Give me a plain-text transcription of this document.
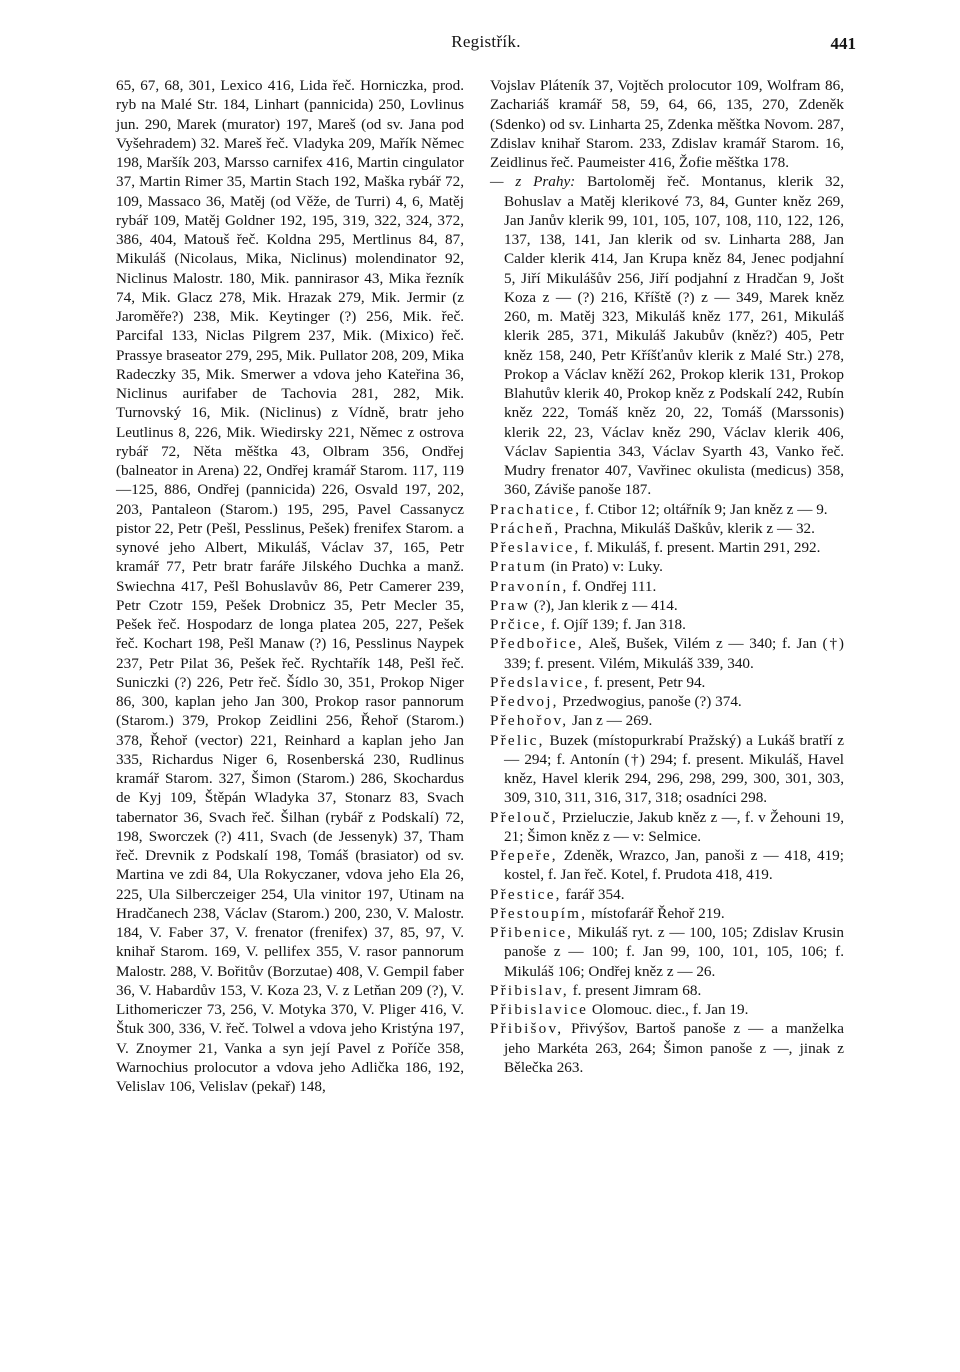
Registřík.	441

65, 67, 68, 301, Lexico 416, Lida řeč. Horniczka, prod. ryb na Malé Str. 184, Linhart (pannicida) 250, Lovlinus jun. 290, Marek (murator) 197, Mareš (od sv. Jana pod Vyšehradem) 32. Mareš řeč. Vladyka 209, Mařík Němec 198, Maršík 203, Marsso carnifex 416, Martin cingulator 37, Martin Rimer 35, Martin Stach 192, Maška rybář 72, 109, Massaco 36, Matěj (od Věže, de Turri) 4, 6, Matěj rybář 109, Matěj Goldner 192, 195, 319, 322, 324, 372, 386, 404, Matouš řeč. Koldna 295, Mertlinus 84, 87, Mikuláš (Nicolaus, Mika, Niclinus) molendinator 92, Niclinus Malostr. 180, Mik. pannirasor 43, Mika řezník 74, Mik. Glacz 278, Mik. Hrazak 279, Mik. Jermir (z Jaroměře?) 238, Mik. Keytinger (?) 256, Mik. řeč. Parcifal 133, Niclas Pilgrem 237, Mik. (Mixico) řeč. Prassye braseator 279, 295, Mik. Pullator 208, 209, Mika Radeczky 35, Mik. Smerwer a vdova jeho Kateřina 36, Niclinus aurifaber de Tachovia 281, 282, Mik. Turnovský 16, Mik. (Niclinus) z Vídně, bratr jeho Leutlinus 8, 226, Mik. Wiedirsky 221, Němec z ostrova rybář 72, Něta měštka 43, Olbram 356, Ondřej (balneator in Arena) 22, Ondřej kramář Starom. 117, 119—125, 886, Ondřej (pannicida) 226, Osvald 197, 202, 203, Pantaleon (Starom.) 195, 295, Pavel Cassanycz pistor 22, Petr (Pešl, Pesslinus, Pešek) frenifex Starom. a synové jeho Albert, Mikuláš, Václav 37, 165, Petr kramář 77, Petr bratr faráře Jilského Duchka a manž. Swiechna 417, Pešl Bohuslavův 86, Petr Camerer 239, Petr Czotr 159, Pešek Drobnicz 35, Petr Mecler 35, Pešek řeč. Hospodarz de longa platea 205, 227, Pešek řeč. Kochart 198, Pešl Manaw (?) 16, Pesslinus Naypek 237, Petr Pilat 36, Pešek řeč. Rychtařík 148, Pešl řeč. Suniczki (?) 226, Petr řeč. Šídlo 30, 351, Prokop Niger 86, 300, kaplan jeho Jan 300, Prokop rasor pannorum (Starom.) 379, Prokop Zeidlini 256, Řehoř (Starom.) 378, Řehoř (vector) 221, Reinhard a kaplan jeho Jan 335, Richardus Niger 6, Rosenberská 230, Rudlinus kramář Starom. 327, Šimon (Starom.) 286, Skochardus de Kyj 109, Štěpán Wladyka 37, Stonarz 83, Svach tabernator 36, Svach řeč. Šilhan (rybář z Podskalí) 72, 198, Sworczek (?) 411, Svach (de Jessenyk) 37, Tham řeč. Drevnik z Podskalí 198, Tomáš (brasiator) od sv. Martina ve zdi 84, Ula Rokyczaner, vdova jeho Ela 26, 225, Ula Silberczeiger 254, Ula vinitor 197, Utinam na Hradčanech 238, Václav (Starom.) 200, 230, V. Malostr. 184, V. Faber 37, V. frenator (frenifex) 37, 85, 97, V. knihař Starom. 169, V. pellifex 355, V. rasor pannorum Malostr. 288, V. Bořitův (Borzutae) 408, V. Gempil faber 36, V. Habardův 153, V. Koza 23, V. z Letňan 209 (?), V. Lithomericzer 73, 256, V. Motyka 370, V. Pliger 416, V. Štuk 300, 336, V. řeč. Tolwel a vdova jeho Kristýna 197, V. Znoymer 21, Vanka a syn její Pavel z Poříče 358, Warnochius prolocutor a vdova jeho Adlička 186, 192, Velislav 106, Velislav (pekař) 148,

Vojslav Pláteník 37, Vojtěch prolocutor 109, Wolfram 86, Zachariáš kramář 58, 59, 64, 66, 135, 270, Zdeněk (Sdenko) od sv. Linharta 25, Zdenka měštka Novom. 287, Zdislav knihař Starom. 233, Zdislav kramář Starom. 16, Zeidlinus řeč. Paumeister 416, Žofie měštka 178.

— z Prahy: Bartoloměj řeč. Montanus, klerik 32, Bohuslav a Matěj klerikové 73, 84, Gunter kněz 269, Jan Janův klerik 99, 101, 105, 107, 108, 110, 122, 126, 137, 138, 141, Jan klerik od sv. Linharta 288, Jan Calder klerik 414, Jan Krupa kněz 84, Jenec podjahní 5, Jiří Mikulášův 256, Jiří podjahní z Hradčan 9, Jošt Koza z — (?) 216, Kříště (?) z — 349, Marek kněz 260, m. Matěj 323, Mikuláš kněz 177, 261, Mikuláš klerik 285, 371, Mikuláš Jakubův (kněz?) 405, Petr kněz 158, 240, Petr Kříšťanův klerik z Malé Str.) 278, Prokop a Václav kněží 262, Prokop klerik 131, Prokop Blahutův klerik 40, Prokop kněz z Podskalí 242, Rubín kněz 222, Tomáš kněz 20, 22, Tomáš (Marssonis) klerik 22, 23, Václav kněz 290, Václav klerik 406, Václav Sapientia 343, Václav Syarth 43, Vanko řeč. Mudry frenator 407, Vavřinec okulista (medicus) 358, 360, Záviše panoše 187.

Prachatice, f. Ctibor 12; oltářník 9; Jan kněz z — 9.

Prácheň, Prachna, Mikuláš Daškův, klerik z — 32.

Přeslavice, f. Mikuláš, f. present. Martin 291, 292.

Pratum (in Prato) v: Luky.

Pravonín, f. Ondřej 111.

Praw (?), Jan klerik z — 414.

Prčice, f. Ojíř 139; f. Jan 318.

Předbořice, Aleš, Bušek, Vilém z — 340; f. Jan (†) 339; f. present. Vilém, Mikuláš 339, 340.

Předslavice, f. present, Petr 94.

Předvoj, Przedwogius, panoše (?) 374.

Přehořov, Jan z — 269.

Přelic, Buzek (místopurkrabí Pražský) a Lukáš bratří z — 294; f. Antonín (†) 294; f. present. Mikuláš, Havel kněz, Havel klerik 294, 296, 298, 299, 300, 301, 303, 309, 310, 311, 316, 317, 318; osadníci 298.

Přelouč, Przieluczie, Jakub kněz z —, f. v Žehouni 19, 21; Šimon kněz z — v: Selmice.

Přepeře, Zdeněk, Wrazco, Jan, panoši z — 418, 419; kostel, f. Jan řeč. Kotel, f. Prudota 418, 419.

Přestice, farář 354.

Přestoupím, místofarář Řehoř 219.

Přibenice, Mikuláš ryt. z — 100, 105; Zdislav Krusin panoše z — 100; f. Jan 99, 100, 101, 105, 106; f. Mikuláš 106; Ondřej kněz z — 26.

Přibislav, f. present Jimram 68.

Přibislavice Olomouc. diec., f. Jan 19.

Přibišov, Přivýšov, Bartoš panoše z — a manželka jeho Markéta 263, 264; Šimon panoše z —, jinak z Bělečka 263.
